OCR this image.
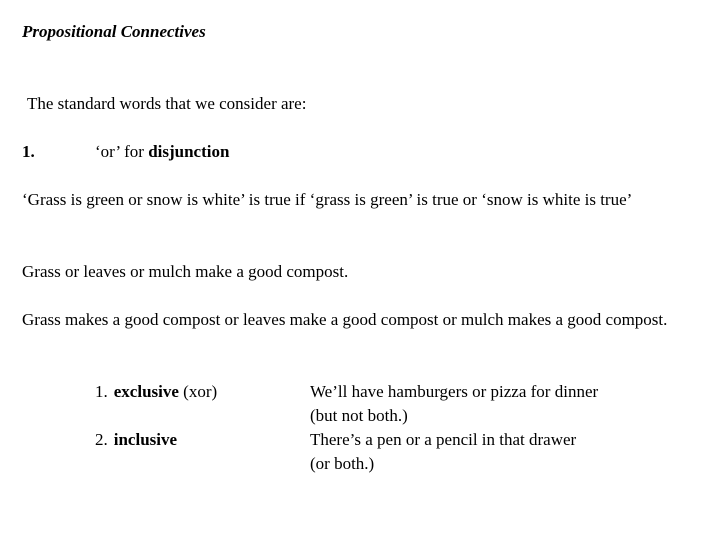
Propositional Connectives
The standard words that we consider are:
1.	‘or’ for disjunction
‘Grass is green or snow is white’ is true if ‘grass is green’ is true or ‘snow is white is true’
Grass or leaves or mulch make a good compost.
Grass makes a good compost or leaves make a good compost or mulch makes a good compost.
1. exclusive (xor)	We’ll have hamburgers or pizza for dinner
(but not both.)
2. inclusive	There’s a pen or a pencil in that drawer
(or both.)
